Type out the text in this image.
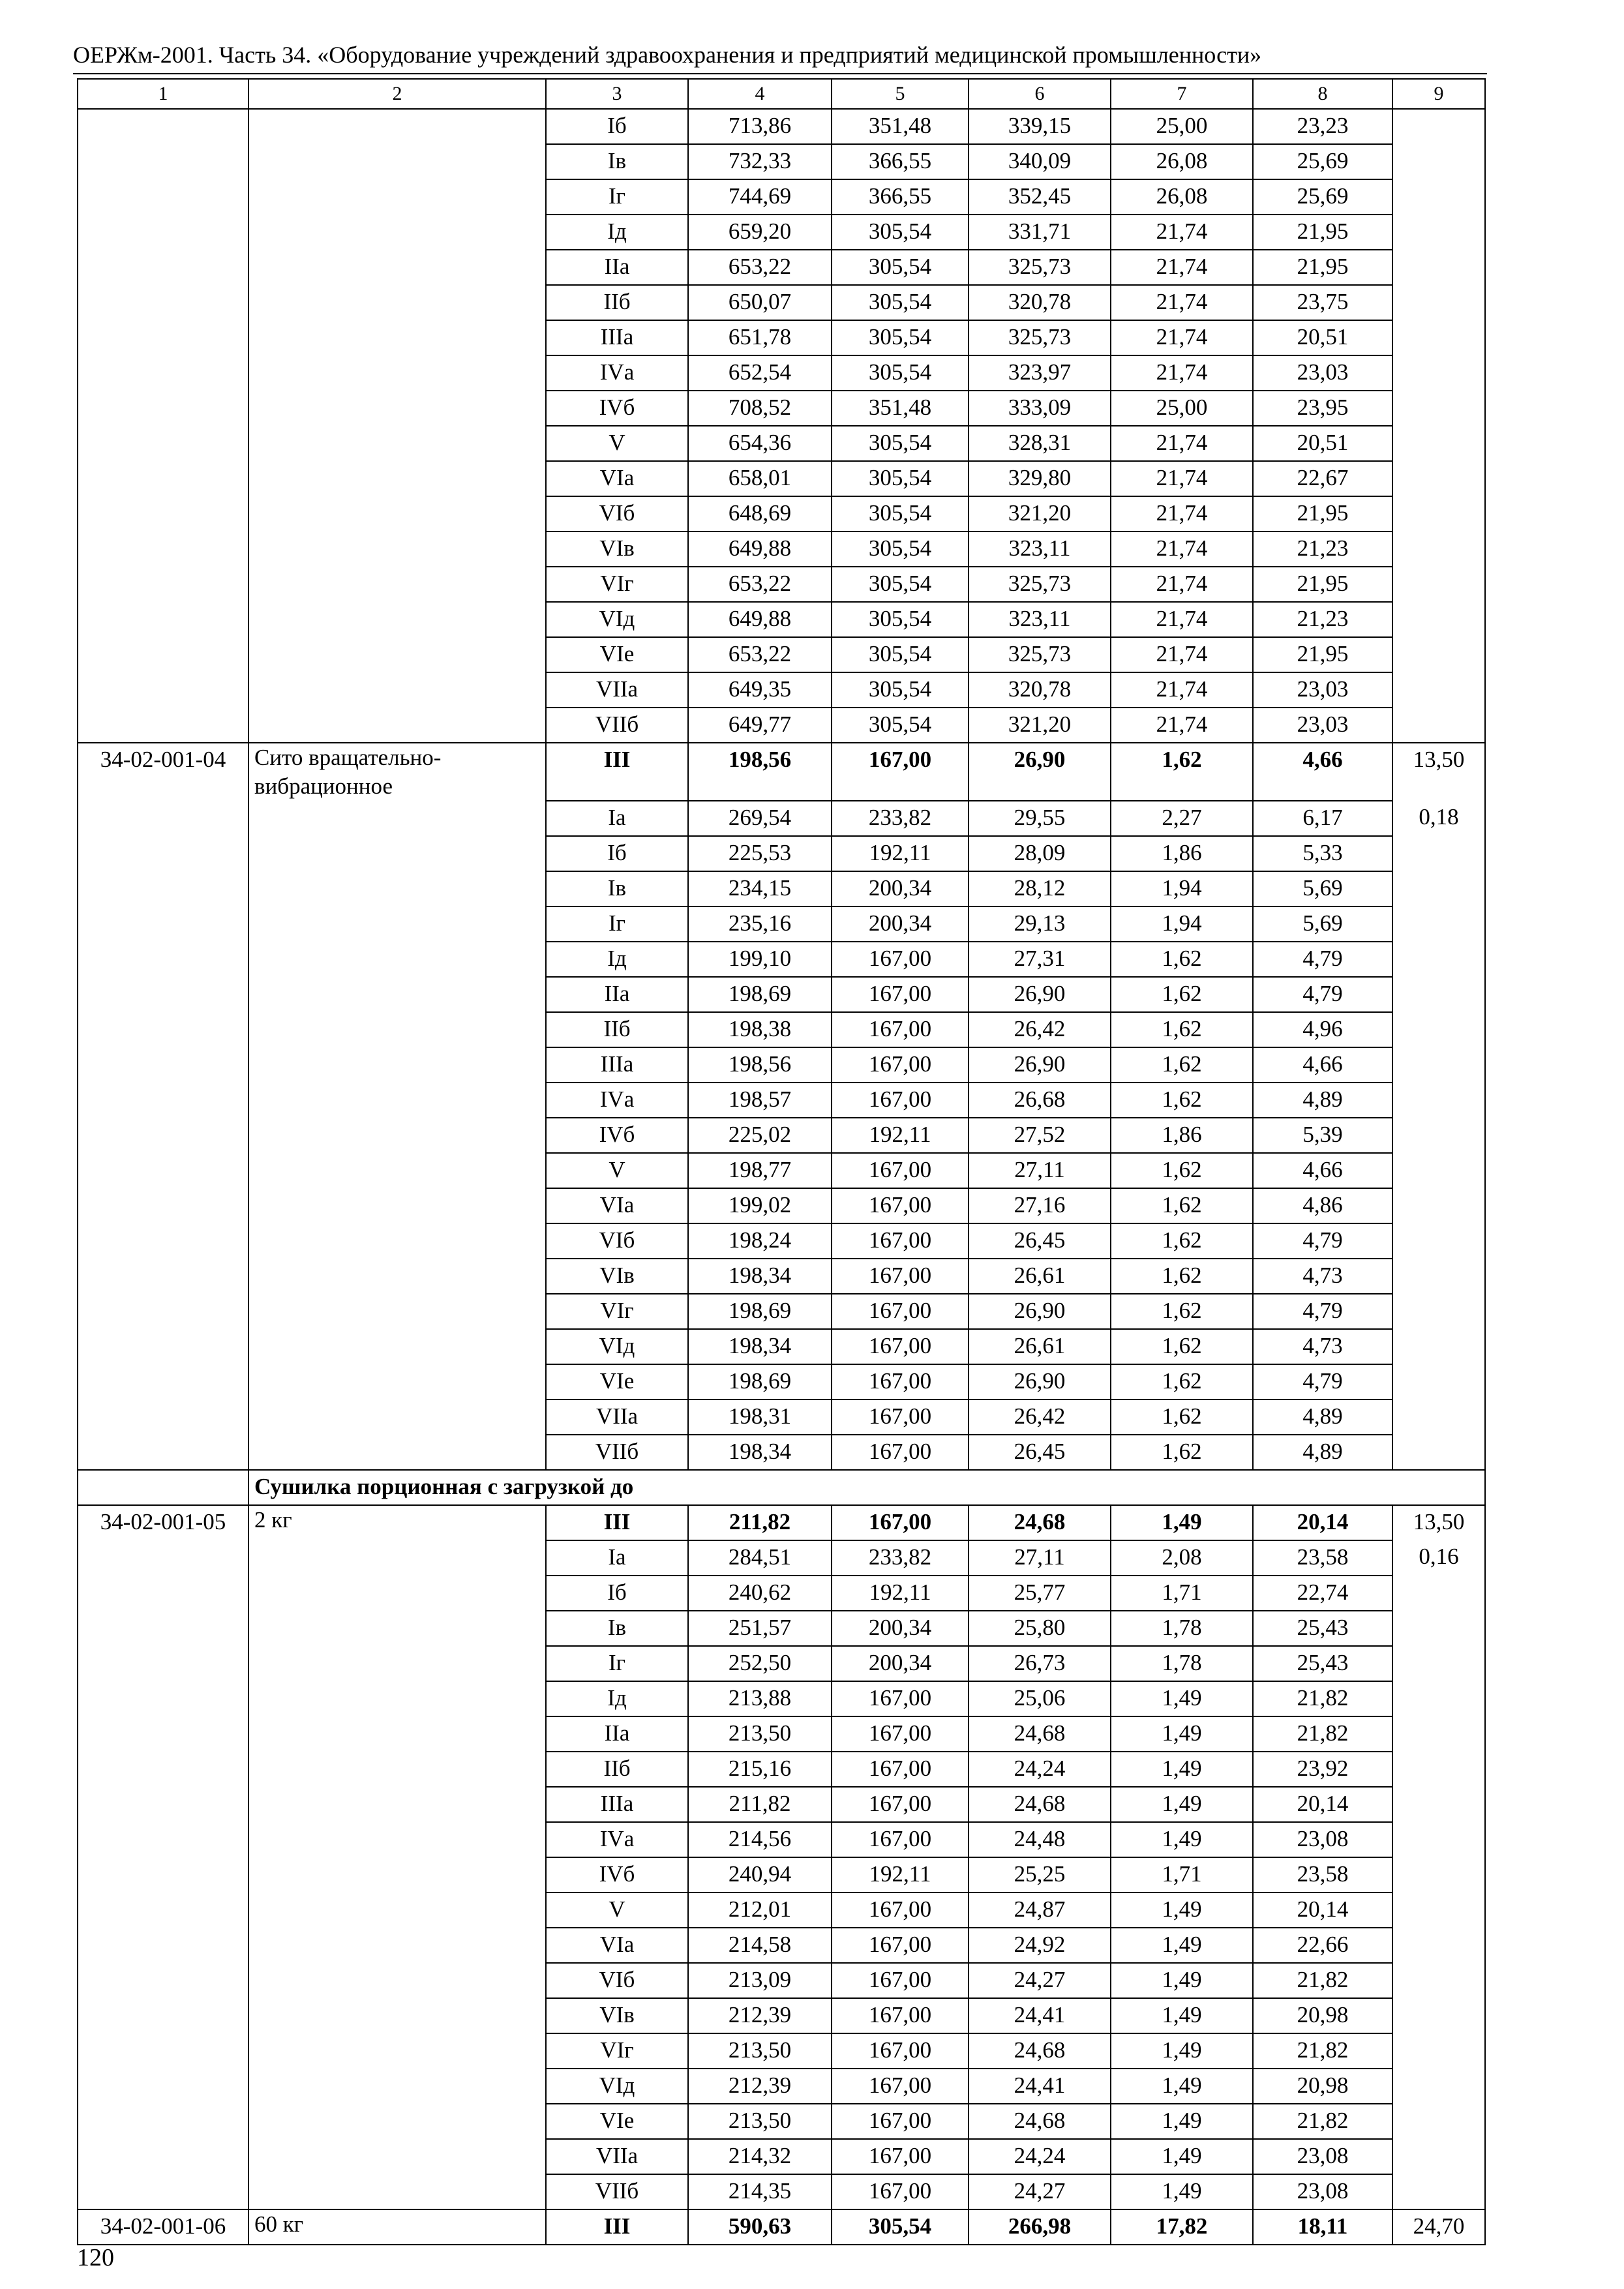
ОЕРЖм-2001. Часть 34. «Оборудование учреждений здравоохранения и предприятий медицинской промышленности»
1	2	3	4	5	6	7	8	9
		Iб	713,86	351,48	339,15	25,00	23,23	
		Iв	732,33	366,55	340,09	26,08	25,69	
		Iг	744,69	366,55	352,45	26,08	25,69	
		Iд	659,20	305,54	331,71	21,74	21,95	
		IIа	653,22	305,54	325,73	21,74	21,95	
		IIб	650,07	305,54	320,78	21,74	23,75	
		IIIа	651,78	305,54	325,73	21,74	20,51	
		IVа	652,54	305,54	323,97	21,74	23,03	
		IVб	708,52	351,48	333,09	25,00	23,95	
		V	654,36	305,54	328,31	21,74	20,51	
		VIа	658,01	305,54	329,80	21,74	22,67	
		VIб	648,69	305,54	321,20	21,74	21,95	
		VIв	649,88	305,54	323,11	21,74	21,23	
		VIг	653,22	305,54	325,73	21,74	21,95	
		VIд	649,88	305,54	323,11	21,74	21,23	
		VIе	653,22	305,54	325,73	21,74	21,95	
		VIIа	649,35	305,54	320,78	21,74	23,03	
		VIIб	649,77	305,54	321,20	21,74	23,03	
34-02-001-04	Сито вращательно-вибрационное	III	198,56	167,00	26,90	1,62	4,66	13,50
		Iа	269,54	233,82	29,55	2,27	6,17	0,18
		Iб	225,53	192,11	28,09	1,86	5,33	
		Iв	234,15	200,34	28,12	1,94	5,69	
		Iг	235,16	200,34	29,13	1,94	5,69	
		Iд	199,10	167,00	27,31	1,62	4,79	
		IIа	198,69	167,00	26,90	1,62	4,79	
		IIб	198,38	167,00	26,42	1,62	4,96	
		IIIа	198,56	167,00	26,90	1,62	4,66	
		IVа	198,57	167,00	26,68	1,62	4,89	
		IVб	225,02	192,11	27,52	1,86	5,39	
		V	198,77	167,00	27,11	1,62	4,66	
		VIа	199,02	167,00	27,16	1,62	4,86	
		VIб	198,24	167,00	26,45	1,62	4,79	
		VIв	198,34	167,00	26,61	1,62	4,73	
		VIг	198,69	167,00	26,90	1,62	4,79	
		VIд	198,34	167,00	26,61	1,62	4,73	
		VIе	198,69	167,00	26,90	1,62	4,79	
		VIIа	198,31	167,00	26,42	1,62	4,89	
		VIIб	198,34	167,00	26,45	1,62	4,89	
	Сушилка порционная с загрузкой до							
34-02-001-05	2 кг	III	211,82	167,00	24,68	1,49	20,14	13,50
		Iа	284,51	233,82	27,11	2,08	23,58	0,16
		Iб	240,62	192,11	25,77	1,71	22,74	
		Iв	251,57	200,34	25,80	1,78	25,43	
		Iг	252,50	200,34	26,73	1,78	25,43	
		Iд	213,88	167,00	25,06	1,49	21,82	
		IIа	213,50	167,00	24,68	1,49	21,82	
		IIб	215,16	167,00	24,24	1,49	23,92	
		IIIа	211,82	167,00	24,68	1,49	20,14	
		IVа	214,56	167,00	24,48	1,49	23,08	
		IVб	240,94	192,11	25,25	1,71	23,58	
		V	212,01	167,00	24,87	1,49	20,14	
		VIа	214,58	167,00	24,92	1,49	22,66	
		VIб	213,09	167,00	24,27	1,49	21,82	
		VIв	212,39	167,00	24,41	1,49	20,98	
		VIг	213,50	167,00	24,68	1,49	21,82	
		VIд	212,39	167,00	24,41	1,49	20,98	
		VIе	213,50	167,00	24,68	1,49	21,82	
		VIIа	214,32	167,00	24,24	1,49	23,08	
		VIIб	214,35	167,00	24,27	1,49	23,08	
34-02-001-06	60 кг	III	590,63	305,54	266,98	17,82	18,11	24,70
120
